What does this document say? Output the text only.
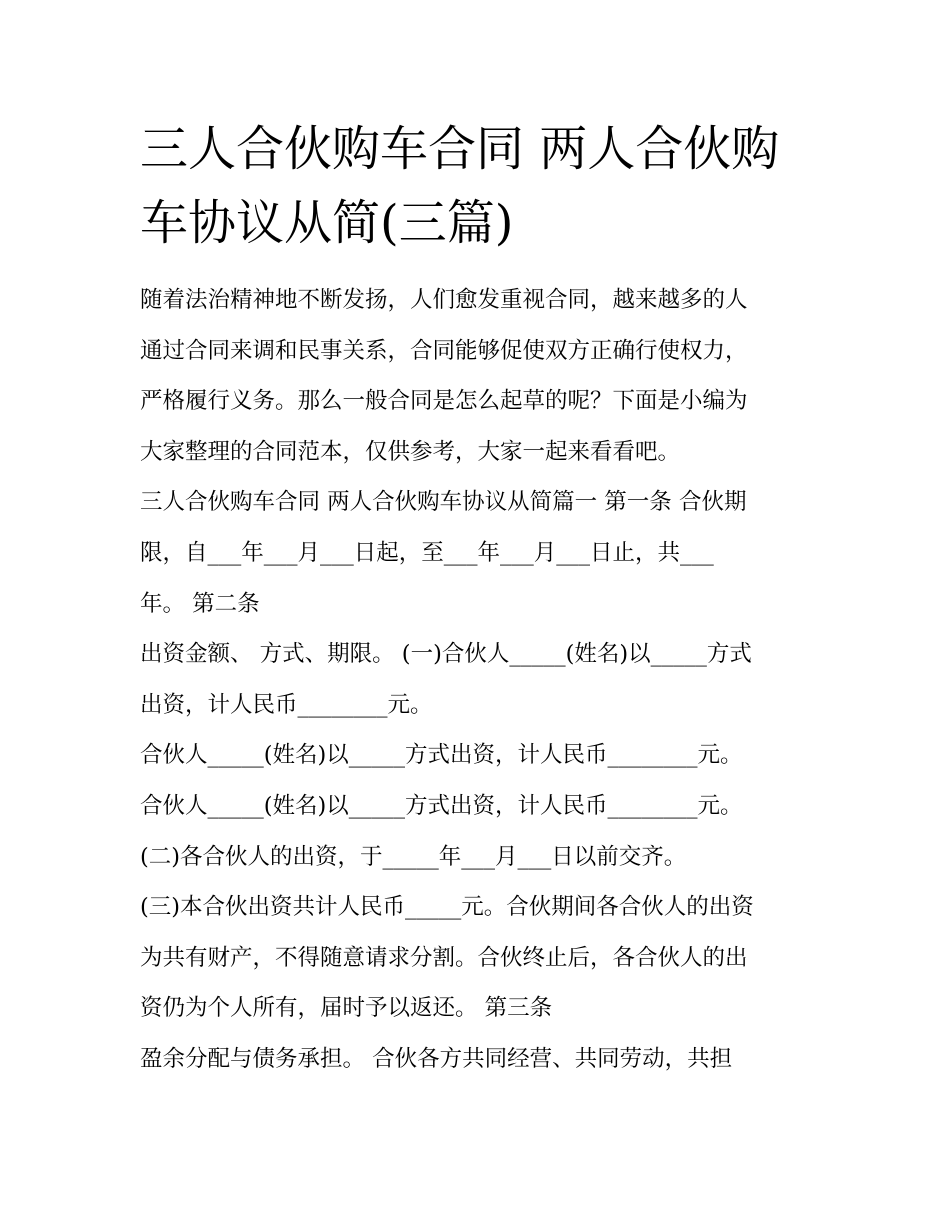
三人合伙购车合同 两人合伙购
车协议从简(三篇)
随着法治精神地不断发扬，人们愈发重视合同，越来越多的人
通过合同来调和民事关系，合同能够促使双方正确行使权力，
严格履行义务。那么一般合同是怎么起草的呢？下面是小编为
大家整理的合同范本，仅供参考，大家一起来看看吧。
三人合伙购车合同 两人合伙购车协议从简篇一 第一条 合伙期
限，自___年___月___日起，至___年___月___日止，共___
年。 第二条
出资金额、 方式、期限。 (一)合伙人_____(姓名)以_____方式
出资，计人民币________元。
合伙人_____(姓名)以_____方式出资，计人民币________元。
合伙人_____(姓名)以_____方式出资，计人民币________元。
(二)各合伙人的出资，于_____年___月___日以前交齐。
(三)本合伙出资共计人民币_____元。合伙期间各合伙人的出资
为共有财产，不得随意请求分割。合伙终止后，各合伙人的出
资仍为个人所有，届时予以返还。 第三条
盈余分配与债务承担。 合伙各方共同经营、共同劳动，共担
